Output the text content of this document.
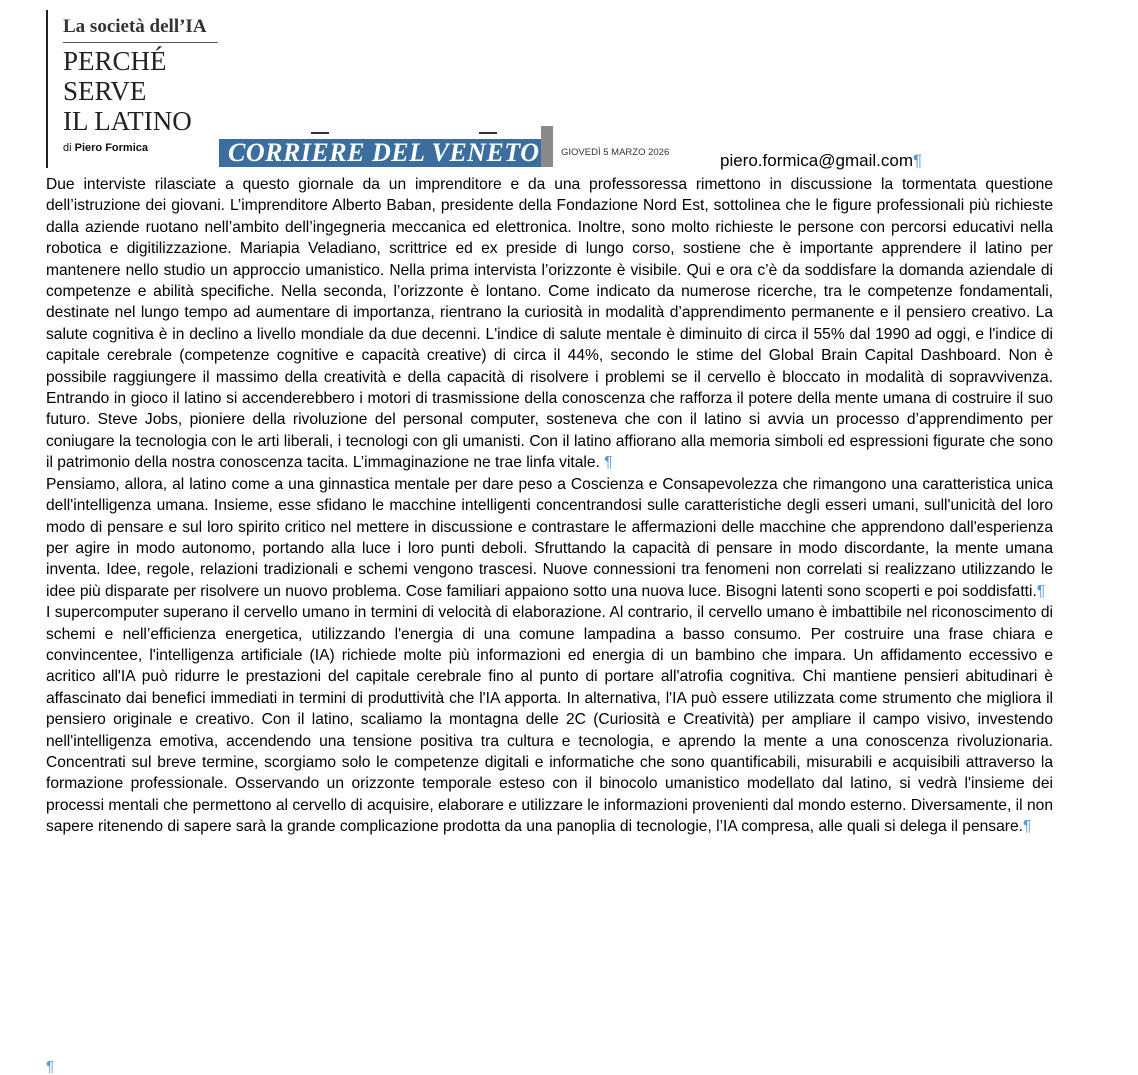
La società dell’IA
PERCHÉ
SERVE
IL LATINO
di Piero Formica	CORRIERE DEL VENETO GIOVEDÌ 5 MARZO 2026	piero.formica@gmail.com¶

Due interviste rilasciate a questo giornale da un imprenditore e da una professoressa rimettono in discussione la tormentata questione dell’istruzione dei giovani. L’imprenditore Alberto Baban, presidente della Fondazione Nord Est, sottolinea che le figure professionali più richieste dalla aziende ruotano nell’ambito dell’ingegneria meccanica ed elettronica. Inoltre, sono molto richieste le persone con percorsi educativi nella robotica e digitilizzazione. Mariapia Veladiano, scrittrice ed ex preside di lungo corso, sostiene che è importante apprendere il latino per mantenere nello studio un approccio umanistico. Nella prima intervista l’orizzonte è visibile. Qui e ora c’è da soddisfare la domanda aziendale di competenze e abilità specifiche. Nella seconda, l’orizzonte è lontano. Come indicato da numerose ricerche, tra le competenze fondamentali, destinate nel lungo tempo ad aumentare di importanza, rientrano la curiosità in modalità d’apprendimento permanente e il pensiero creativo. La salute cognitiva è in declino a livello mondiale da due decenni. L'indice di salute mentale è diminuito di circa il 55% dal 1990 ad oggi, e l'indice di capitale cerebrale (competenze cognitive e capacità creative) di circa il 44%, secondo le stime del Global Brain Capital Dashboard. Non è possibile raggiungere il massimo della creatività e della capacità di risolvere i problemi se il cervello è bloccato in modalità di sopravvivenza. Entrando in gioco il latino si accenderebbero i motori di trasmissione della conoscenza che rafforza il potere della mente umana di costruire il suo futuro. Steve Jobs, pioniere della rivoluzione del personal computer, sosteneva che con il latino si avvia un processo d’apprendimento per coniugare la tecnologia con le arti liberali, i tecnologi con gli umanisti. Con il latino affiorano alla memoria simboli ed espressioni figurate che sono il patrimonio della nostra conoscenza tacita. L’immaginazione ne trae linfa vitale. ¶

Pensiamo, allora, al latino come a una ginnastica mentale per dare peso a Coscienza e Consapevolezza che rimangono una caratteristica unica dell'intelligenza umana. Insieme, esse sfidano le macchine intelligenti concentrandosi sulle caratteristiche degli esseri umani, sull'unicità del loro modo di pensare e sul loro spirito critico nel mettere in discussione e contrastare le affermazioni delle macchine che apprendono dall'esperienza per agire in modo autonomo, portando alla luce i loro punti deboli. Sfruttando la capacità di pensare in modo discordante, la mente umana inventa. Idee, regole, relazioni tradizionali e schemi vengono trascesi. Nuove connessioni tra fenomeni non correlati si realizzano utilizzando le idee più disparate per risolvere un nuovo problema. Cose familiari appaiono sotto una nuova luce. Bisogni latenti sono scoperti e poi soddisfatti.¶

I supercomputer superano il cervello umano in termini di velocità di elaborazione. Al contrario, il cervello umano è imbattibile nel riconoscimento di schemi e nell’efficienza energetica, utilizzando l'energia di una comune lampadina a basso consumo. Per costruire una frase chiara e convincentee, l'intelligenza artificiale (IA) richiede molte più informazioni ed energia di un bambino che impara. Un affidamento eccessivo e acritico all'IA può ridurre le prestazioni del capitale cerebrale fino al punto di portare all'atrofia cognitiva. Chi mantiene pensieri abitudinari è affascinato dai benefici immediati in termini di produttività che l'IA apporta. In alternativa, l'IA può essere utilizzata come strumento che migliora il pensiero originale e creativo. Con il latino, scaliamo la montagna delle 2C (Curiosità e Creatività) per ampliare il campo visivo, investendo nell'intelligenza emotiva, accendendo una tensione positiva tra cultura e tecnologia, e aprendo la mente a una conoscenza rivoluzionaria. Concentrati sul breve termine, scorgiamo solo le competenze digitali e informatiche che sono quantificabili, misurabili e acquisibili attraverso la formazione professionale. Osservando un orizzonte temporale esteso con il binocolo umanistico modellato dal latino, si vedrà l'insieme dei processi mentali che permettono al cervello di acquisire, elaborare e utilizzare le informazioni provenienti dal mondo esterno. Diversamente, il non sapere ritenendo di sapere sarà la grande complicazione prodotta da una panoplia di tecnologie, l’IA compresa, alle quali si delega il pensare.¶

¶
